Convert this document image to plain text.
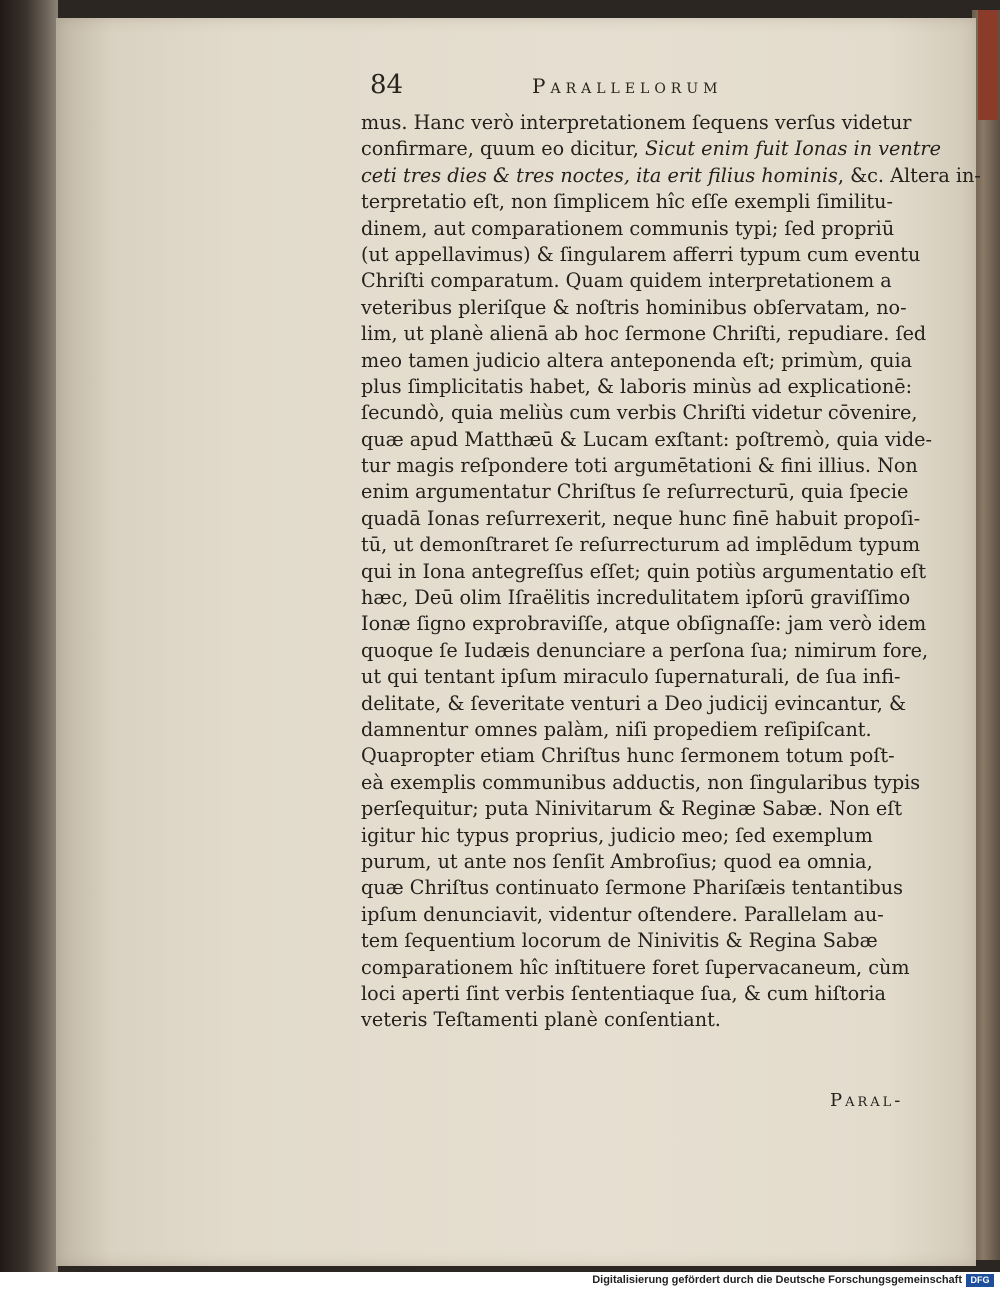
84	Parallelorum
mus. Hanc verò interpretationem ſequens verſus videtur
confirmare, quum eo dicitur, Sicut enim fuit Ionas in ventre
ceti tres dies & tres noctes, ita erit filius hominis, &c. Altera in-
terpretatio eſt, non ſimplicem hîc eſſe exempli ſimilitu-
dinem, aut comparationem communis typi; ſed propriū
(ut appellavimus) & ſingularem afferri typum cum eventu
Chriſti comparatum. Quam quidem interpretationem a
veteribus pleriſque & noſtris hominibus obſervatam, no-
lim, ut planè alienā ab hoc ſermone Chriſti, repudiare. ſed
meo tamen judicio altera anteponenda eſt; primùm, quia
plus ſimplicitatis habet, & laboris minùs ad explicationē:
ſecundò, quia meliùs cum verbis Chriſti videtur cōvenire,
quæ apud Matthæū & Lucam exſtant: poſtremò, quia vide-
tur magis reſpondere toti argumētationi & fini illius. Non
enim argumentatur Chriſtus ſe reſurrecturū, quia ſpecie
quadā Ionas reſurrexerit, neque hunc finē habuit propoſi-
tū, ut demonſtraret ſe reſurrecturum ad implēdum typum
qui in Iona antegreſſus eſſet; quin potiùs argumentatio eſt
hæc, Deū olim Iſraëlitis incredulitatem ipſorū graviſſimo
Ionæ ſigno exprobraviſſe, atque obſignaſſe: jam verò idem
quoque ſe Iudæis denunciare a perſona ſua; nimirum fore,
ut qui tentant ipſum miraculo ſupernaturali, de ſua infi-
delitate, & ſeveritate venturi a Deo judicij evincantur, &
damnentur omnes palàm, niſi propediem reſipiſcant.
Quapropter etiam Chriſtus hunc ſermonem totum poſt-
eà exemplis communibus adductis, non ſingularibus typis
perſequitur; puta Ninivitarum & Reginæ Sabæ. Non eſt
igitur hic typus proprius, judicio meo; ſed exemplum
purum, ut ante nos ſenſit Ambroſius; quod ea omnia,
quæ Chriſtus continuato ſermone Phariſæis tentantibus
ipſum denunciavit, videntur oſtendere. Parallelam au-
tem ſequentium locorum de Ninivitis & Regina Sabæ
comparationem hîc inſtituere foret ſupervacaneum, cùm
loci aperti ſint verbis ſententiaque ſua, & cum hiſtoria
veteris Teſtamenti planè conſentiant.
Paral-
Digitalisierung gefördert durch die Deutsche Forschungsgemeinschaft DFG
